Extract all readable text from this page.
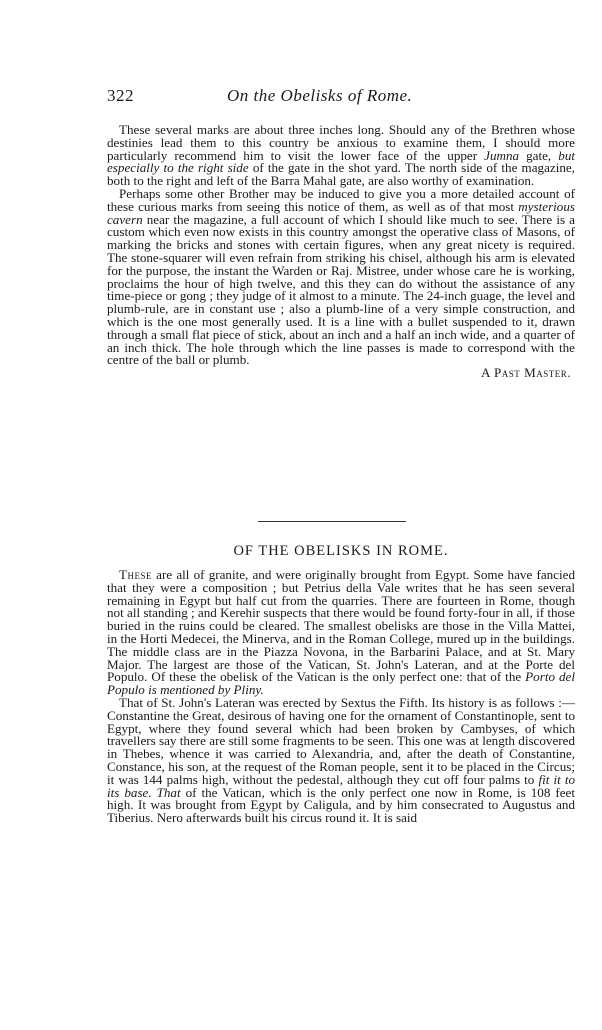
322	On the Obelisks of Rome.

These several marks are about three inches long. Should any of the Brethren whose destinies lead them to this country be anxious to examine them, I should more particularly recommend him to visit the lower face of the upper Jumna gate, but especially to the right side of the gate in the shot yard. The north side of the magazine, both to the right and left of the Barra Mahal gate, are also worthy of examination.

Perhaps some other Brother may be induced to give you a more detailed account of these curious marks from seeing this notice of them, as well as of that most mysterious cavern near the magazine, a full account of which I should like much to see. There is a custom which even now exists in this country amongst the operative class of Masons, of marking the bricks and stones with certain figures, when any great nicety is required. The stone-squarer will even refrain from striking his chisel, although his arm is elevated for the purpose, the instant the Warden or Raj. Mistree, under whose care he is working, proclaims the hour of high twelve, and this they can do without the assistance of any time-piece or gong ; they judge of it almost to a minute. The 24-inch guage, the level and plumb-rule, are in constant use ; also a plumb-line of a very simple construction, and which is the one most generally used. It is a line with a bullet suspended to it, drawn through a small flat piece of stick, about an inch and a half an inch wide, and a quarter of an inch thick. The hole through which the line passes is made to correspond with the centre of the ball or plumb.

A Past Master.
OF THE OBELISKS IN ROME.

These are all of granite, and were originally brought from Egypt. Some have fancied that they were a composition ; but Petrius della Vale writes that he has seen several remaining in Egypt but half cut from the quarries. There are fourteen in Rome, though not all standing ; and Kerehir suspects that there would be found forty-four in all, if those buried in the ruins could be cleared. The smallest obelisks are those in the Villa Mattei, in the Horti Medecei, the Minerva, and in the Roman College, mured up in the buildings. The middle class are in the Piazza Novona, in the Barbarini Palace, and at St. Mary Major. The largest are those of the Vatican, St. John's Lateran, and at the Porte del Populo. Of these the obelisk of the Vatican is the only perfect one: that of the Porto del Populo is mentioned by Pliny.

That of St. John's Lateran was erected by Sextus the Fifth. Its history is as follows :—Constantine the Great, desirous of having one for the ornament of Constantinople, sent to Egypt, where they found several which had been broken by Cambyses, of which travellers say there are still some fragments to be seen. This one was at length discovered in Thebes, whence it was carried to Alexandria, and, after the death of Constantine, Constance, his son, at the request of the Roman people, sent it to be placed in the Circus; it was 144 palms high, without the pedestal, although they cut off four palms to fit it to its base. That of the Vatican, which is the only perfect one now in Rome, is 108 feet high. It was brought from Egypt by Caligula, and by him consecrated to Augustus and Tiberius. Nero afterwards built his circus round it. It is said
